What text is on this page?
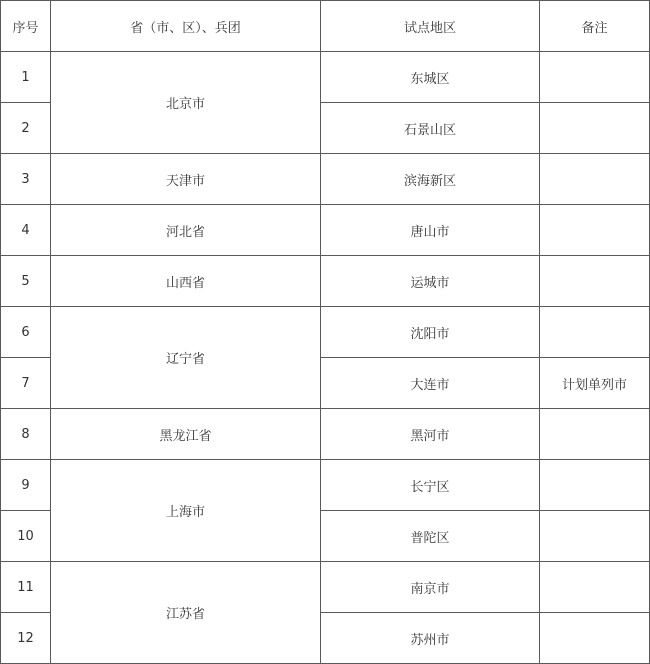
序号	省（市、区）、兵团	试点地区	备注
1	北京市	东城区	
2		石景山区	
3	天津市	滨海新区	
4	河北省	唐山市	
5	山西省	运城市	
6	辽宁省	沈阳市	
7		大连市	计划单列市
8	黑龙江省	黑河市	
9	上海市	长宁区	
10		普陀区	
11	江苏省	南京市	
12		苏州市	
